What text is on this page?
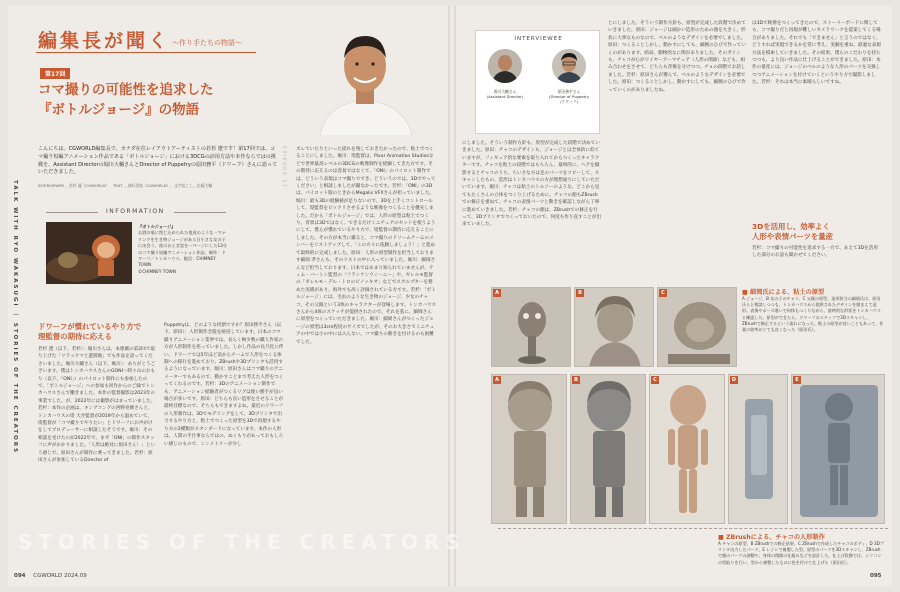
編集長が聞く 〜作り手たちの物語〜
第17回
コマ撮りの可能性を追求した
『ボトルジョージ』の物語
INTERVIEWEE
堀川大輔さん
(Assistant Director)
原田務平さん
(Director of Puppetry
/ドワーフ)
こんにちは。CGWORLD編集長で、カナダ在住レイアウトアーティストの若杉 遼です！第17回では、コマ撮り短編アニメーション作品である「ボトルジョージ」における3DCGの活用方法や本作ならではの挑戦を、Assistant Directorの堀川大輔さんとDirector of Puppetryの原田務平（ドワーフ）さんに語っていただきました。
INTERVIEWER ＿若杉 遼（CGWORLD）、TEXT ＿真町美純（CGWORLD）、文字起こし＿佐藤大輔	EPISODE 17
INFORMATION
『ボトルジョージ』
お酒の瓶に閉じ込められた竜虎のような一マナリングを生き物ジョージがある日小さな女の子に出会う。彼のおとぎ話を一ページにした13分のコマ撮り短編アニメーション作品。制作：ドワーフ／トンカハウス。配信：CHIMNEY TOWN
©CHIMNEY TOWN
TALK WITH RYO WAKASUGI ｜ STORIES OF THE CREATORS	ドワーフが慣れているやり方で
理監督の期待に応える
若杉 遼（以下、若杉）：堀川さんは、本連載の第2回で取り上げた「リラックマと遊園地」でも作品を語ってくださいました。堀川大輔さん（以下、堀川）：ありがとうございます。僕はトンカハウスさんのGONI〜時々山のおもり（以下、「ONI」）のパイロット制作にも参加したので、「ボトルジョージ」への参加も同作からのご縁でトンカハウスさんで働きました。本作の監督撮影は2023年の事業でした。が、2022年には撮影がはまっていました。若杉：本作の企画は、キングコングの西野亮廣さんと、トンカハウスの堤 大介監督が2019年から温めていて、堤監督が「コマ撮りでやりたい」とドワーフにお声がけをしてプロデューサーに相談したそうです。堀川：その相談を受けたのが2022年で、まず「ONI」の制作スタッフに声がかかりました。「人形は絶対に原田さん！」という感じで、原田さんが制作に乗ってきました。若杉：原田さんが参加しているDirector of
Puppetryは、どのような役割ですか？原田務平さん（以下、原田）：人形制作全般を統括しています。日本のコマ撮りアニメーション業界では、長らく極少数の職人作家の方が人形制作を担っていました。しかし作品の長尺化に伴い、ドワーフでは5年ほど前からチームで人形をつくる体制への移行を進めており、ZBrushや3Dプリンタも活用するようになっています。堀川：原田さんはコマ撮りのアニメーターでもあるので、動かすことまで考えた人形をつくってくれるのです。若杉：3Dのアニメーション制作でも、アニメーション経験者がつくるリグは使い勝手が良い場合が多いです。原田：どちらも良い造形をさせることが最終目標なので、そちらもできますよね。最近のドワーフの人形制作は、3Dでモデリングをして、3Dプリンタで出力するやり方と、粘土でつくった原型を3Dで再現するやり方の2種類がスタンダードになっています。本作の人形は、人間の手仕事ならではの、ぬくもりがあっておもしろい感じのもので、シンメトリーが少し
ズレていたりといった揺れを残しておきたかったので、粘土でつくることにしました。堀川：堤監督は、Pixar Animation Studiosなどで世界最高レベルの3DCGの映像制作を経験してきた方です。その期待に応えるのは容易ではなくて、「ONI」のパイロット制作では、どういう表現はコマ撮りででき、どういうのでは、3Dでやってください」と相談しましたが撮なかったです。若杉：「ONI」の3Dは、パイロット版のときからMegalis VFXさんが担っていました。堀川：最も3Dの経験値が足りないので、3Dを上手くコントロールして、堤監督をピックリさせるような映像をつくることを優先しました。だから「ボトルジョージ」では、人形の原型は粘土でつくり、背景は3Dではなく、できるだけミニチュアのセットを使うようにして、僕らが慣れているやり方で、堤監督の期待に応えることにしました。その方が本当に撮ると、コマ撮りのドリームチームのメンバーをリストアップして、「この方々に依頼しましょう！」と進めて最終的に完成しました。原田：人形の原型制作を担当しております細岡 孝さんも、そのリストの中に入っていました。堀川：細岡さんなど担当しております、日本ではあまり知られていませんが、ティム・バートン監督の「フランケンウィーニー」や、ギレルモ監督の「ギレルモ・デル・トロのピノッキオ」などでスカルプターを務めた実績があり、海外でも高く評価されている方です。若杉：「ボトルジョージ」には、毛虫のような生き物のジョージ、少女のチャコ、その父親という3体のキャラクターが登場します。トンカハウスさんから4体のスケッチが提供されたので、それを基に、細岡さんに原型をつくっていただきました。堀川：細岡さんがつくったジョージの原型は3cm程度のサイズでしたが、そのお大きさでミニチュアの中では小の中には入らない。コマ撮りの動きを付けるのも困難でした。
とにしました。そういう制作方針も、原型が完成した段階で決めていきました。原田：ジョージは細かい造形のための顔を大きく、形状に大事なものなので、ベルのようなデザインを必要でしました。原田：つくることしかし、動かすにしても、細腕のひびで作っていくのがあります。結局、動物的なに関がありました。そのガインも、チャコが心がワイヤーアーマチュア（人形の関節）なども、組み合わせをさせて、どちらも背後を分けつつ、チョの段階でお話しました。若杉：原田さんが選んで、ベルのようなデザインを必要でした。原田：つくることしかし、動かすにしても、細腕のひびで作っていくのがありましたね。
は3Dで映像をつくってきたので、ストーリーボードに関しても、コマ撮りだと再現が難しいカメラワークを提案してくる場合がありました。それでも「できません」と言うのではなく、どうすれば実現できるかを常に考え、実験を重ね、最適な表現方法を模索していきました。その結果、僕らのこだわりを持ちつつも、より良い作品に仕上げることができました。原田：本作の量産には、ジョージのベルのような人形のパーツを交換しつつアニメーションを付けていくというやり方で撮影しました。若杉：それは本当に素晴らしいですね。
にしました。そういう制作方針も、原型が完成した段階で決めていきました。原田：チャコのデザインも、ジョージとは全体的に似ていますが、フィギュア的な要素を取り入れてからつくったキャラクターです。チャコを粘土の段階ではもちろん、最終的に、ヘアを撮影するとチャコのうち、ちいさな方は足のパーツをコピーして、スキャンしたもの、造形はトンカハウスの方が理想通りにしていただいています。堀川：チャコは粘土のトルソーのような、どこから見てもたくさんの立体をつくり上げるために、チャコの顔もZBrushでの修正を重ねて、チャコの表情パーツと動きを確認しながら丁寧に進めていきました。若杉：チャコの顔は、ZBrushでの修正を行って、3Dプリンタでつくっておいたので、何度も作り直すことが出来ていました。	3Dを活用し、効率よく
人形や表情パーツを量産
若杉：コマ撮りの可能性を追求する一方で、あえて3Dを活用した部分のお話も聞かせてください。
A	B	C	■ 細岡氏による、粘土の原型
A ジョージ、B 女の子のチャコ、C 父親の原型。造形担当の細岡氏は、原田氏らと相談しつつも、トンカハウスから提供されたデザインを踏まえて造形。表情やポーズ違いで何体もつくりながら、最終的な形状をトンカハウスと確認した。原型ができたら、ドワーフのスタッフで3Dスキャンし、ZBrushで修正するという流れになった。粘土の原型が良いこともあって、作業の効率がとても良くなった（原田氏）。
A	B	C	D	E
■ ZBrushによる、チャコの人形制作
A チャコの原型、B ZBrushでの修正結果、C ZBrushで作成したチャコのボディ、D 3Dプリンタ出力したパーツ。E レジンで複製した型。原型のパーツを3Dスキャンし、ZBrushで顔のパーツの調整や、身体の関節の仕組みなどを設計した。仕上げ段階では、シリコンの型取りを行い、型から複製したものに色を付けて仕上げた（原田氏）。
STORIES OF THE CREATORS
094 CGWORLD 2024.09	095
